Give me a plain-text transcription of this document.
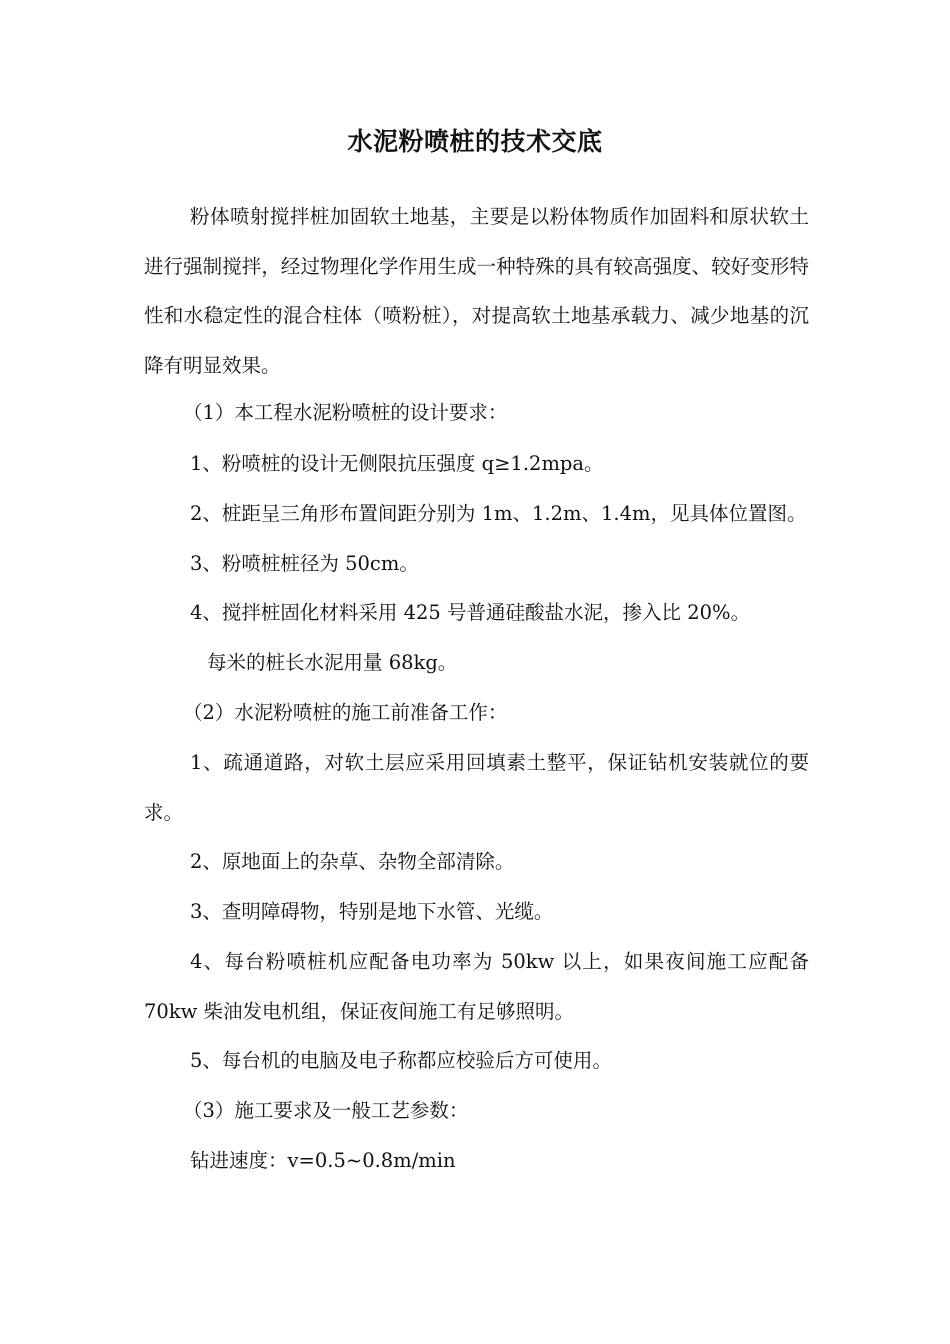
水泥粉喷桩的技术交底
粉体喷射搅拌桩加固软土地基，主要是以粉体物质作加固料和原状软土进行强制搅拌，经过物理化学作用生成一种特殊的具有较高强度、较好变形特性和水稳定性的混合柱体（喷粉桩），对提高软土地基承载力、减少地基的沉降有明显效果。
（1）本工程水泥粉喷桩的设计要求：
1、粉喷桩的设计无侧限抗压强度 q≥1.2mpa。
2、桩距呈三角形布置间距分别为 1m、1.2m、1.4m，见具体位置图。
3、粉喷桩桩径为 50cm。
4、搅拌桩固化材料采用 425 号普通硅酸盐水泥，掺入比 20%。
每米的桩长水泥用量 68kg。
（2）水泥粉喷桩的施工前准备工作：
1、疏通道路，对软土层应采用回填素土整平，保证钻机安装就位的要求。
2、原地面上的杂草、杂物全部清除。
3、查明障碍物，特别是地下水管、光缆。
4、每台粉喷桩机应配备电功率为 50kw 以上，如果夜间施工应配备 70kw 柴油发电机组，保证夜间施工有足够照明。
5、每台机的电脑及电子称都应校验后方可使用。
（3）施工要求及一般工艺参数：
钻进速度：v=0.5~0.8m/min
